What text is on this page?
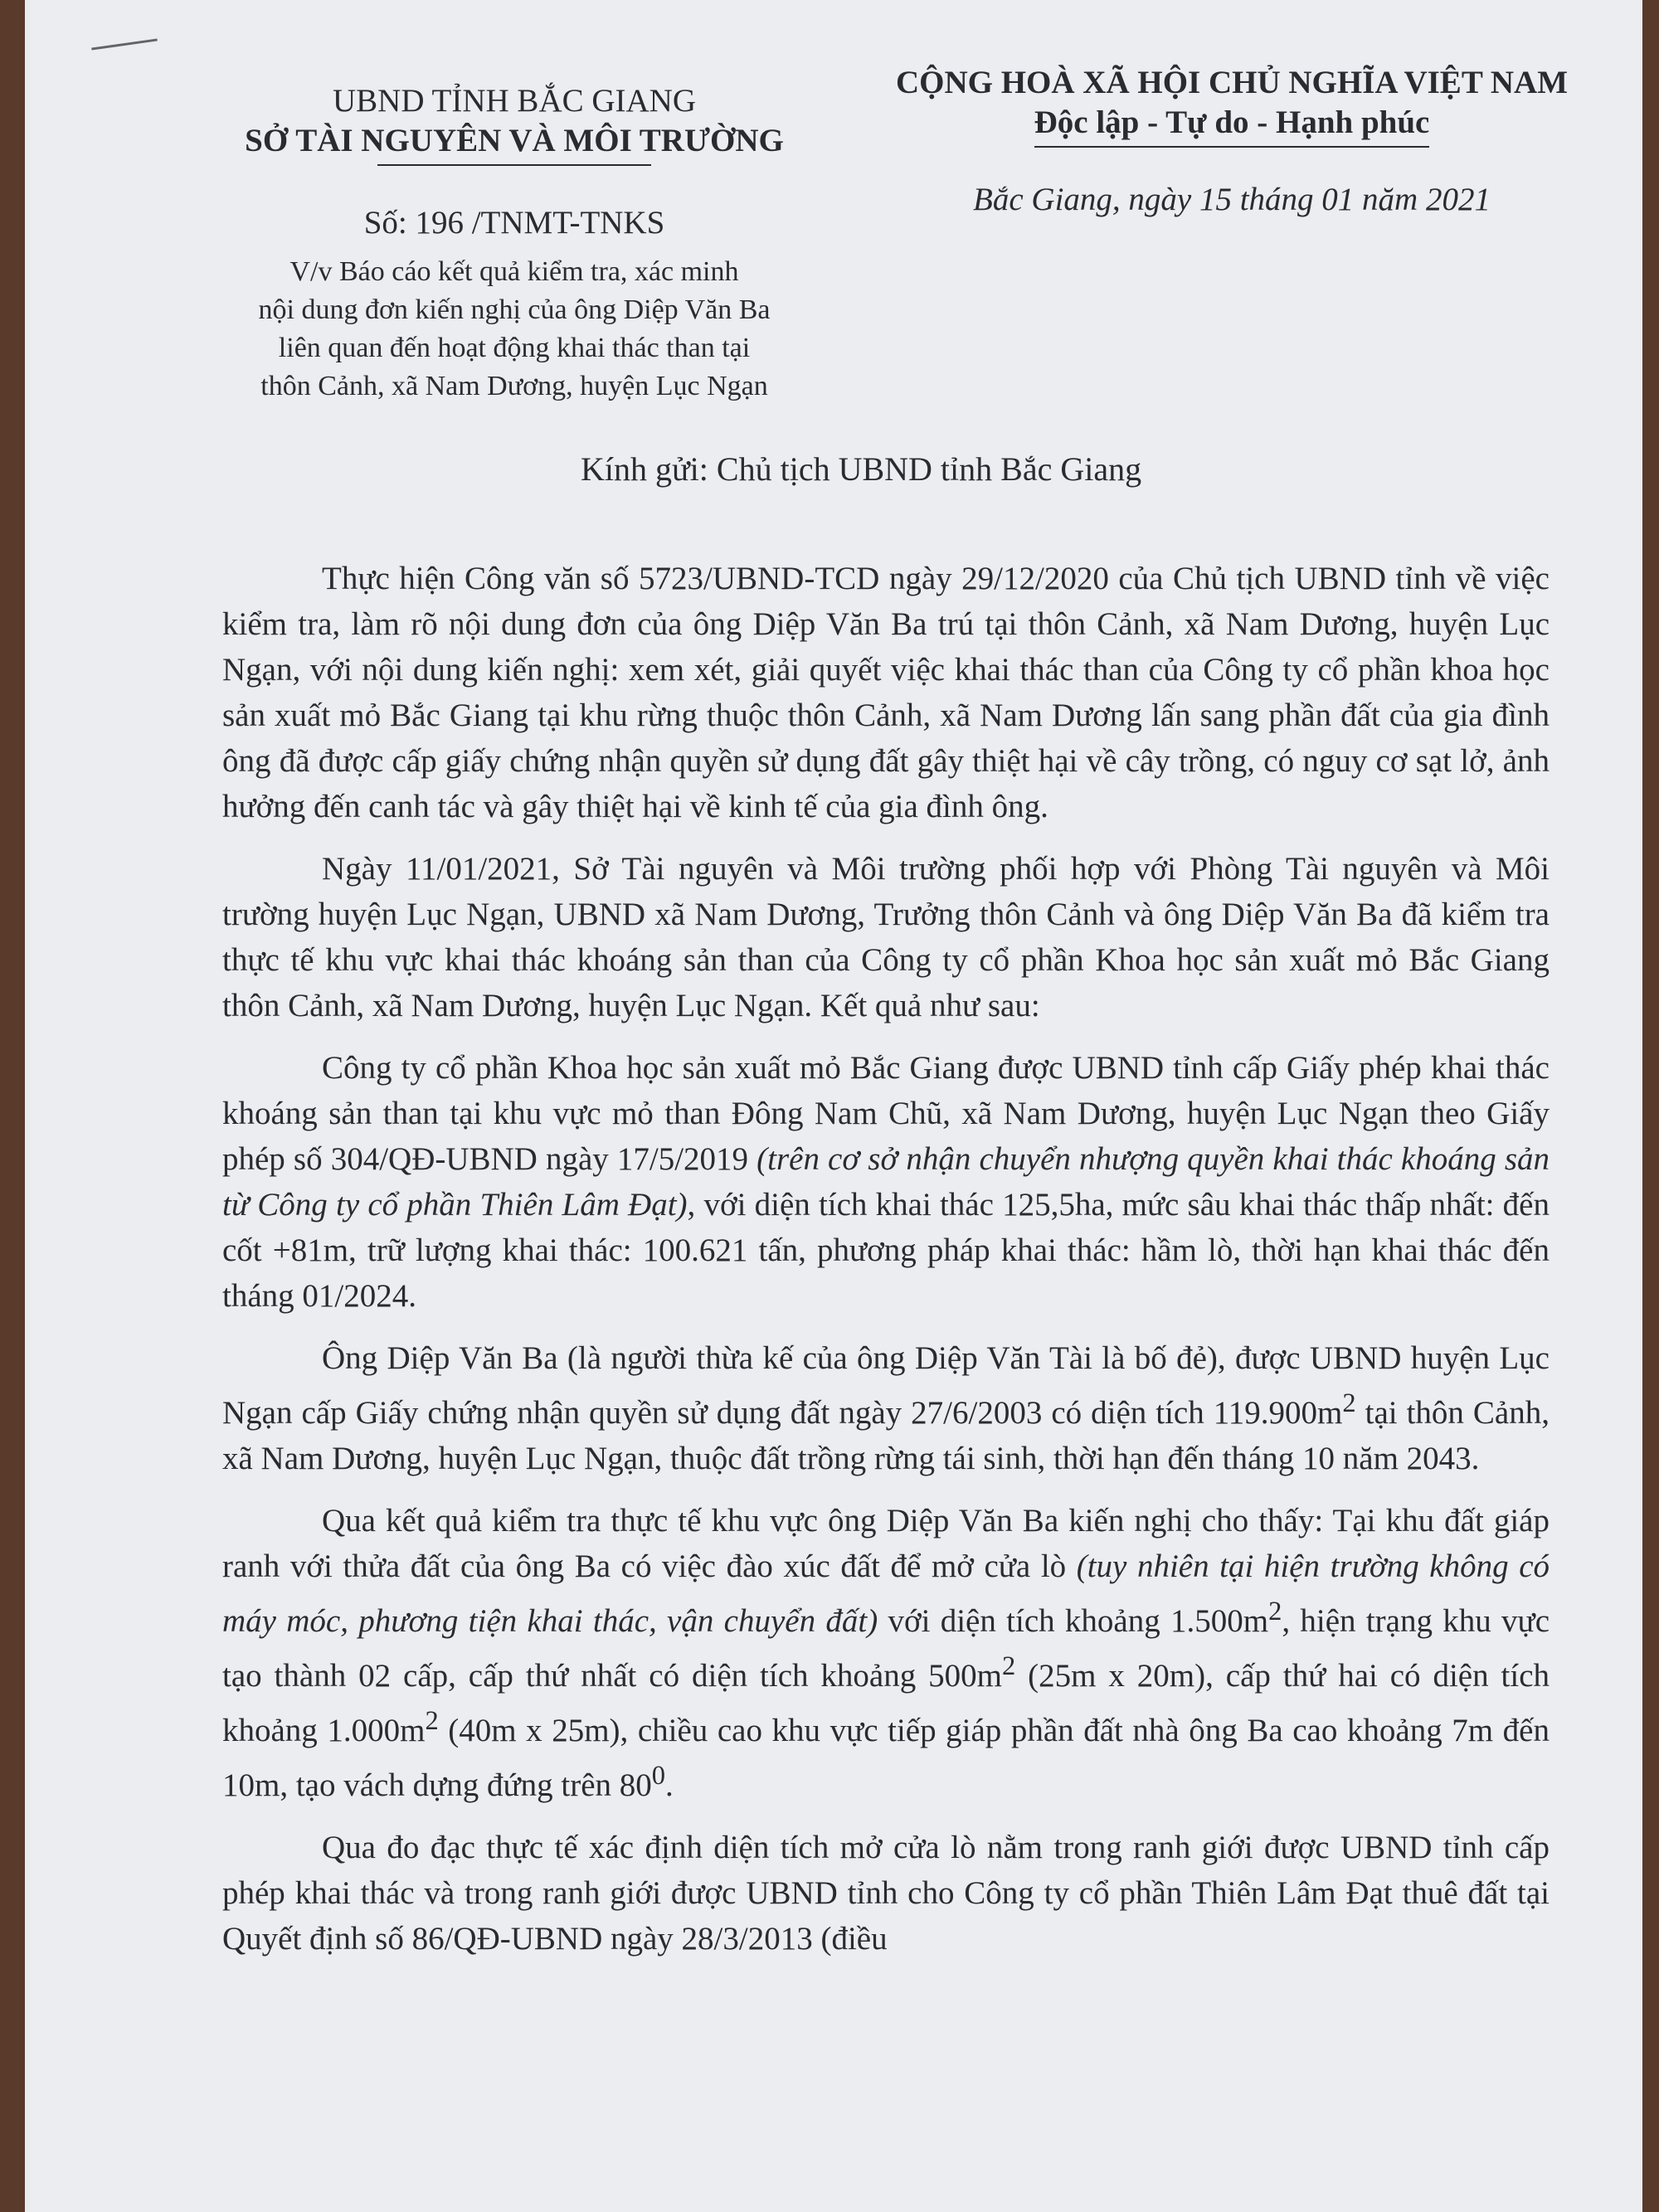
UBND TỈNH BẮC GIANG
SỞ TÀI NGUYÊN VÀ MÔI TRƯỜNG
Số: 196 /TNMT-TNKS
V/v Báo cáo kết quả kiểm tra, xác minh
nội dung đơn kiến nghị của ông Diệp Văn Ba
liên quan đến hoạt động khai thác than tại
thôn Cảnh, xã Nam Dương, huyện Lục Ngạn
CỘNG HOÀ XÃ HỘI CHỦ NGHĨA VIỆT NAM
Độc lập - Tự do - Hạnh phúc
Bắc Giang, ngày 15 tháng 01 năm 2021
Kính gửi: Chủ tịch UBND tỉnh Bắc Giang

Thực hiện Công văn số 5723/UBND-TCD ngày 29/12/2020 của Chủ tịch UBND tỉnh về việc kiểm tra, làm rõ nội dung đơn của ông Diệp Văn Ba trú tại thôn Cảnh, xã Nam Dương, huyện Lục Ngạn, với nội dung kiến nghị: xem xét, giải quyết việc khai thác than của Công ty cổ phần khoa học sản xuất mỏ Bắc Giang tại khu rừng thuộc thôn Cảnh, xã Nam Dương lấn sang phần đất của gia đình ông đã được cấp giấy chứng nhận quyền sử dụng đất gây thiệt hại về cây trồng, có nguy cơ sạt lở, ảnh hưởng đến canh tác và gây thiệt hại về kinh tế của gia đình ông.

Ngày 11/01/2021, Sở Tài nguyên và Môi trường phối hợp với Phòng Tài nguyên và Môi trường huyện Lục Ngạn, UBND xã Nam Dương, Trưởng thôn Cảnh và ông Diệp Văn Ba đã kiểm tra thực tế khu vực khai thác khoáng sản than của Công ty cổ phần Khoa học sản xuất mỏ Bắc Giang thôn Cảnh, xã Nam Dương, huyện Lục Ngạn. Kết quả như sau:

Công ty cổ phần Khoa học sản xuất mỏ Bắc Giang được UBND tỉnh cấp Giấy phép khai thác khoáng sản than tại khu vực mỏ than Đông Nam Chũ, xã Nam Dương, huyện Lục Ngạn theo Giấy phép số 304/QĐ-UBND ngày 17/5/2019 (trên cơ sở nhận chuyển nhượng quyền khai thác khoáng sản từ Công ty cổ phần Thiên Lâm Đạt), với diện tích khai thác 125,5ha, mức sâu khai thác thấp nhất: đến cốt +81m, trữ lượng khai thác: 100.621 tấn, phương pháp khai thác: hầm lò, thời hạn khai thác đến tháng 01/2024.

Ông Diệp Văn Ba (là người thừa kế của ông Diệp Văn Tài là bố đẻ), được UBND huyện Lục Ngạn cấp Giấy chứng nhận quyền sử dụng đất ngày 27/6/2003 có diện tích $119.900m^2$ tại thôn Cảnh, xã Nam Dương, huyện Lục Ngạn, thuộc đất trồng rừng tái sinh, thời hạn đến tháng 10 năm 2043.

Qua kết quả kiểm tra thực tế khu vực ông Diệp Văn Ba kiến nghị cho thấy: Tại khu đất giáp ranh với thửa đất của ông Ba có việc đào xúc đất để mở cửa lò (tuy nhiên tại hiện trường không có máy móc, phương tiện khai thác, vận chuyển đất) với diện tích khoảng $1.500m^2$, hiện trạng khu vực tạo thành 02 cấp, cấp thứ nhất có diện tích khoảng $500m^2$ (25m x 20m), cấp thứ hai có diện tích khoảng $1.000m^2$ (40m x 25m), chiều cao khu vực tiếp giáp phần đất nhà ông Ba cao khoảng 7m đến 10m, tạo vách dựng đứng trên $80^0$.

Qua đo đạc thực tế xác định diện tích mở cửa lò nằm trong ranh giới được UBND tỉnh cấp phép khai thác và trong ranh giới được UBND tỉnh cho Công ty cổ phần Thiên Lâm Đạt thuê đất tại Quyết định số 86/QĐ-UBND ngày 28/3/2013 (điều
